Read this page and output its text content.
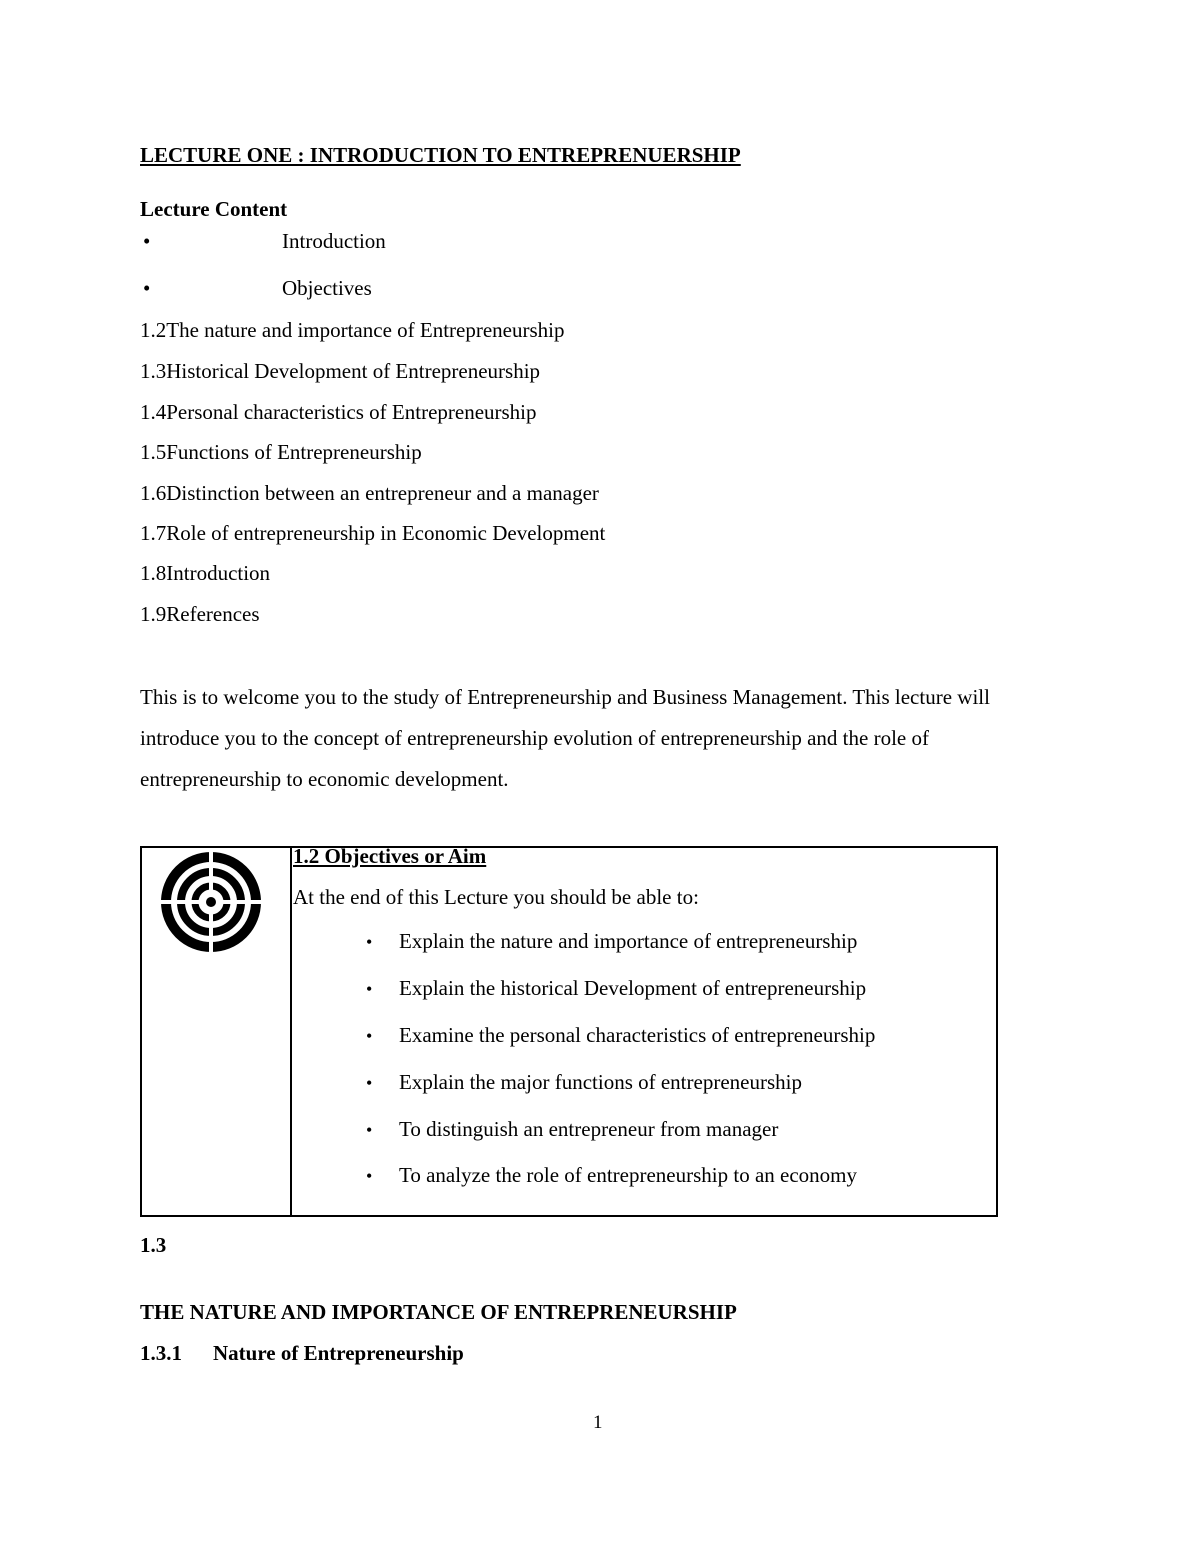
LECTURE ONE : INTRODUCTION TO ENTREPRENUERSHIP
Lecture Content
•	Introduction
•	Objectives
1.2The nature and importance of Entrepreneurship
1.3Historical Development of Entrepreneurship
1.4Personal characteristics of Entrepreneurship
1.5Functions of Entrepreneurship
1.6Distinction between an entrepreneur and a manager
1.7Role of entrepreneurship in Economic Development
1.8Introduction
1.9References
This is to welcome you to the study of Entrepreneurship and Business Management. This lecture will introduce you to the concept of entrepreneurship evolution of entrepreneurship and the role of entrepreneurship to economic development.
1.2 Objectives or Aim
At the end of this Lecture you should be able to:
• Explain the nature and importance of entrepreneurship
• Explain the historical Development of entrepreneurship
• Examine the personal characteristics of entrepreneurship
• Explain the major functions of entrepreneurship
• To distinguish an entrepreneur from manager
• To analyze the role of entrepreneurship to an economy
1.3
THE NATURE AND IMPORTANCE OF ENTREPRENEURSHIP
1.3.1 Nature of Entrepreneurship
1
